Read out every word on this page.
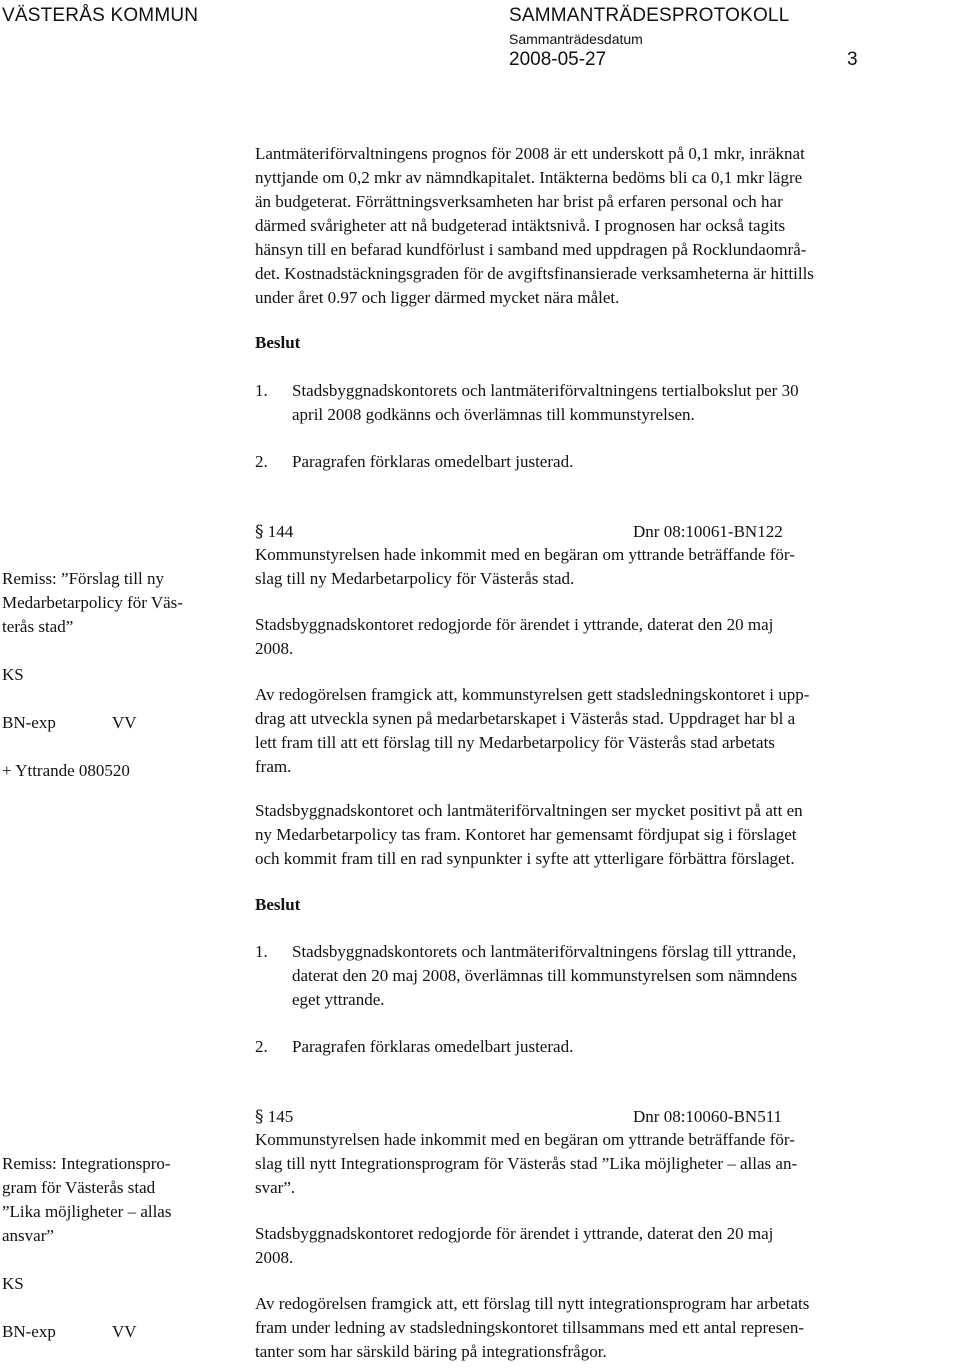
VÄSTERÅS KOMMUN	SAMMANTRÄDESPROTOKOLL
Sammanträdesdatum
2008-05-27	3
Lantmäteriförvaltningens prognos för 2008 är ett underskott på 0,1 mkr, inräknat
nyttjande om 0,2 mkr av nämndkapitalet. Intäkterna bedöms bli ca 0,1 mkr lägre
än budgeterat. Förrättningsverksamheten har brist på erfaren personal och har
därmed svårigheter att nå budgeterad intäktsnivå. I prognosen har också tagits
hänsyn till en befarad kundförlust i samband med uppdragen på Rocklundaområ-
det. Kostnadstäckningsgraden för de avgiftsfinansierade verksamheterna är hittills
under året 0.97 och ligger därmed mycket nära målet.
Beslut
1. Stadsbyggnadskontorets och lantmäteriförvaltningens tertialbokslut per 30
april 2008 godkänns och överlämnas till kommunstyrelsen.
2. Paragrafen förklaras omedelbart justerad.
§ 144	Dnr 08:10061-BN122

Remiss: ”Förslag till ny
Medarbetarpolicy för Väs-
terås stad”

KS

BN-exp	VV

+ Yttrande 080520

Kommunstyrelsen hade inkommit med en begäran om yttrande beträffande för-
slag till ny Medarbetarpolicy för Västerås stad.
Stadsbyggnadskontoret redogjorde för ärendet i yttrande, daterat den 20 maj
2008.
Av redogörelsen framgick att, kommunstyrelsen gett stadsledningskontoret i upp-
drag att utveckla synen på medarbetarskapet i Västerås stad. Uppdraget har bl a
lett fram till att ett förslag till ny Medarbetarpolicy för Västerås stad arbetats
fram.
Stadsbyggnadskontoret och lantmäteriförvaltningen ser mycket positivt på att en
ny Medarbetarpolicy tas fram. Kontoret har gemensamt fördjupat sig i förslaget
och kommit fram till en rad synpunkter i syfte att ytterligare förbättra förslaget.
Beslut
1. Stadsbyggnadskontorets och lantmäteriförvaltningens förslag till yttrande,
daterat den 20 maj 2008, överlämnas till kommunstyrelsen som nämndens
eget yttrande.
2. Paragrafen förklaras omedelbart justerad.
§ 145	Dnr 08:10060-BN511

Remiss: Integrationspro-
gram för Västerås stad
”Lika möjligheter – allas
ansvar”

KS

BN-exp	VV

Kommunstyrelsen hade inkommit med en begäran om yttrande beträffande för-
slag till nytt Integrationsprogram för Västerås stad ”Lika möjligheter – allas an-
svar”.
Stadsbyggnadskontoret redogjorde för ärendet i yttrande, daterat den 20 maj
2008.
Av redogörelsen framgick att, ett förslag till nytt integrationsprogram har arbetats
fram under ledning av stadsledningskontoret tillsammans med ett antal represen-
tanter som har särskild bäring på integrationsfrågor.
